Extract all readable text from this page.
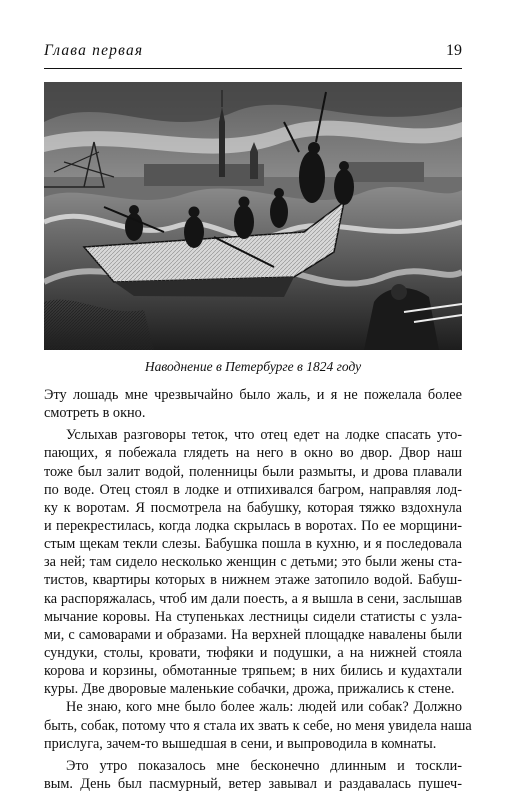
Глава первая	19
Наводнение в Петербурге в 1824 году
Эту лошадь мне чрезвычайно было жаль, и я не пожелала более
смотреть в окно.
Услыхав разговоры теток, что отец едет на лодке спасать уто-
пающих, я побежала глядеть на него в окно во двор. Двор наш
тоже был залит водой, поленницы были размыты, и дрова плавали
по воде. Отец стоял в лодке и отпихивался багром, направляя лод-
ку к воротам. Я посмотрела на бабушку, которая тяжко вздохнула
и перекрестилась, когда лодка скрылась в воротах. По ее морщини-
стым щекам текли слезы. Бабушка пошла в кухню, и я последовала
за ней; там сидело несколько женщин с детьми; это были жены ста-
тистов, квартиры которых в нижнем этаже затопило водой. Бабуш-
ка распоряжалась, чтоб им дали поесть, а я вышла в сени, заслышав
мычание коровы. На ступеньках лестницы сидели статисты с узла-
ми, с самоварами и образами. На верхней площадке навалены были
сундуки, столы, кровати, тюфяки и подушки, а на нижней стояла
корова и корзины, обмотанные тряпьем; в них бились и кудахтали
куры. Две дворовые маленькие собачки, дрожа, прижались к стене.
Не знаю, кого мне было более жаль: людей или собак? Должно
быть, собак, потому что я стала их звать к себе, но меня увидела наша
прислуга, зачем-то вышедшая в сени, и выпроводила в комнаты.
Это утро показалось мне бесконечно длинным и тоскли-
вым. День был пасмурный, ветер завывал и раздавалась пушеч-
